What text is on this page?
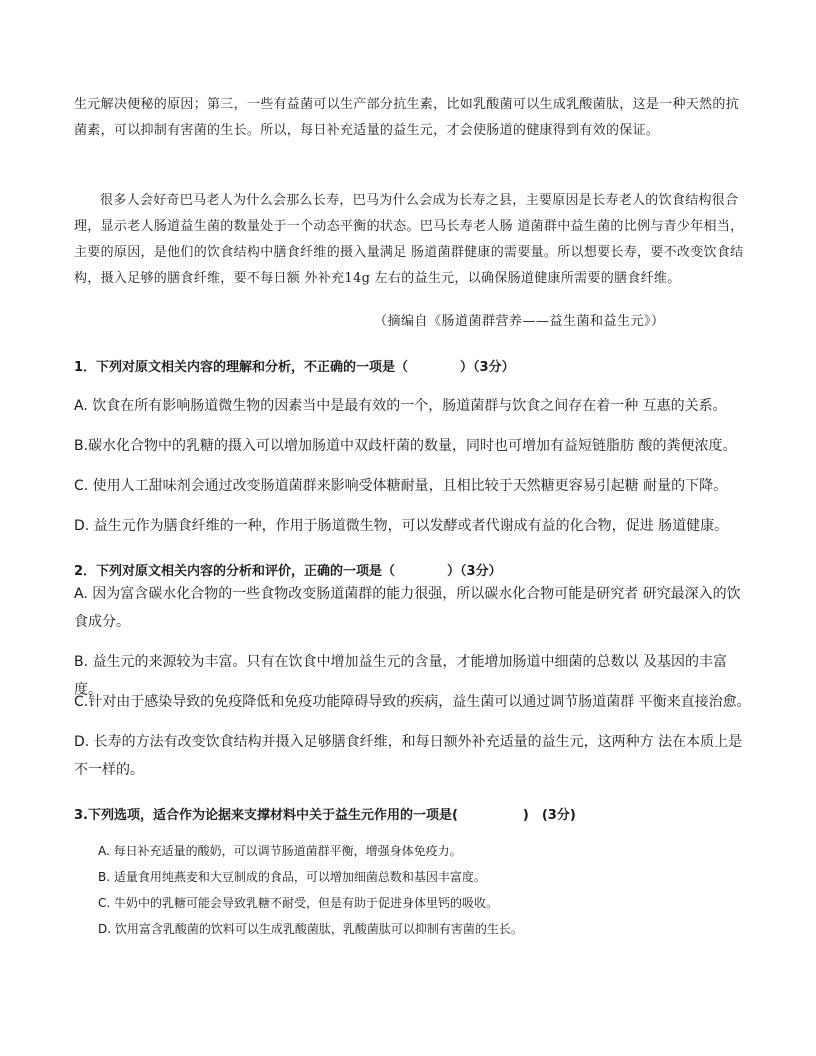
生元解决便秘的原因；第三，一些有益菌可以生产部分抗生素，比如乳酸菌可以生成乳酸菌肽，这是一种天然的抗菌素，可以抑制有害菌的生长。所以，每日补充适量的益生元，才会使肠道的健康得到有效的保证。
很多人会好奇巴马老人为什么会那么长寿，巴马为什么会成为长寿之县，主要原因是长寿老人的饮食结构很合理，显示老人肠道益生菌的数量处于一个动态平衡的状态。巴马长寿老人肠 道菌群中益生菌的比例与青少年相当，主要的原因，是他们的饮食结构中膳食纤维的摄入量满足 肠道菌群健康的需要量。所以想要长寿，要不改变饮食结构，摄入足够的膳食纤维，要不每日额 外补充14g 左右的益生元，以确保肠道健康所需要的膳食纤维。
（摘编自《肠道菌群营养——益生菌和益生元》）
1．下列对原文相关内容的理解和分析，不正确的一项是（　　　　）（3分）
A. 饮食在所有影响肠道微生物的因素当中是最有效的一个，肠道菌群与饮食之间存在着一种 互惠的关系。
B.碳水化合物中的乳糖的摄入可以增加肠道中双歧杆菌的数量，同时也可增加有益短链脂肪 酸的粪便浓度。
C. 使用人工甜味剂会通过改变肠道菌群来影响受体糖耐量，且相比较于天然糖更容易引起糖 耐量的下降。
D. 益生元作为膳食纤维的一种，作用于肠道微生物，可以发酵或者代谢成有益的化合物，促进 肠道健康。
2．下列对原文相关内容的分析和评价，正确的一项是（　　　　）（3分）
A. 因为富含碳水化合物的一些食物改变肠道菌群的能力很强，所以碳水化合物可能是研究者 研究最深入的饮食成分。
B. 益生元的来源较为丰富。只有在饮食中增加益生元的含量，才能增加肠道中细菌的总数以 及基因的丰富度。
C.针对由于感染导致的免疫降低和免疫功能障碍导致的疾病，益生菌可以通过调节肠道菌群 平衡来直接治愈。
D. 长寿的方法有改变饮食结构并摄入足够膳食纤维，和每日额外补充适量的益生元，这两种方 法在本质上是不一样的。
3.下列选项，适合作为论据来支撑材料中关于益生元作用的一项是(　　　　　)　(3分)
A. 每日补充适量的酸奶，可以调节肠道菌群平衡，增强身体免疫力。
B. 适量食用纯燕麦和大豆制成的食品，可以增加细菌总数和基因丰富度。
C. 牛奶中的乳糖可能会导致乳糖不耐受，但是有助于促进身体里钙的吸收。
D. 饮用富含乳酸菌的饮料可以生成乳酸菌肽，乳酸菌肽可以抑制有害菌的生长。
